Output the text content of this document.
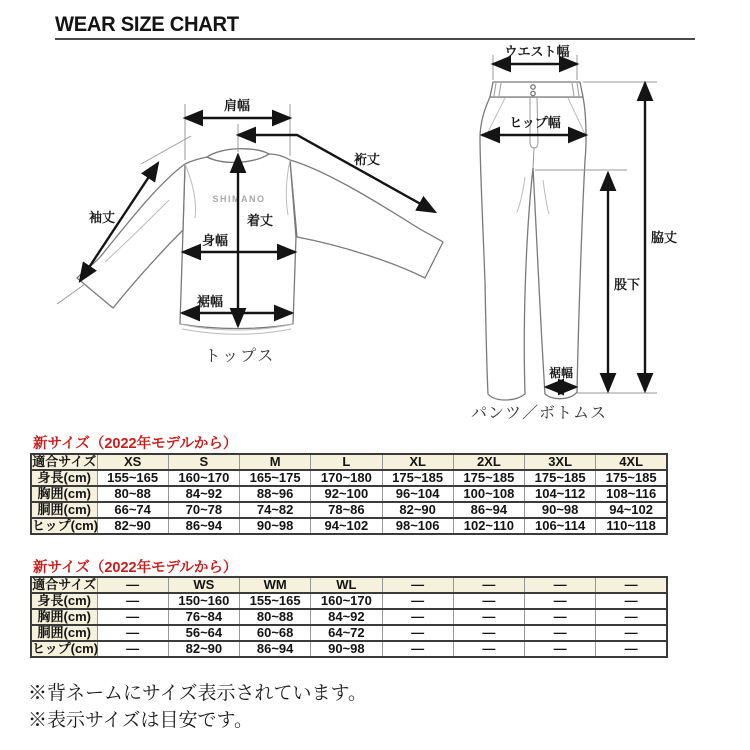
WEAR SIZE CHART
SHIMANO
肩幅
裄丈
袖丈	着丈
身幅
裾幅
トップス
ウエスト幅
ヒップ幅
股下
脇丈
裾幅
パンツ／ボトムス
新サイズ（2022年モデルから）
適合サイズ	XS	S	M	L	XL	2XL	3XL	4XL
身長(cm)	155~165	160~170	165~175	170~180	175~185	175~185	175~185	175~185
胸囲(cm)	80~88	84~92	88~96	92~100	96~104	100~108	104~112	108~116
胴囲(cm)	66~74	70~78	74~82	78~86	82~90	86~94	90~98	94~102
ヒップ(cm)	82~90	86~94	90~98	94~102	98~106	102~110	106~114	110~118
新サイズ（2022年モデルから）
適合サイズ	—	WS	WM	WL	—	—	—	—
身長(cm)	—	150~160	155~165	160~170	—	—	—	—
胸囲(cm)	—	76~84	80~88	84~92	—	—	—	—
胴囲(cm)	—	56~64	60~68	64~72	—	—	—	—
ヒップ(cm)	—	82~90	86~94	90~98	—	—	—	—
※背ネームにサイズ表示されています。
※表示サイズは目安です。
